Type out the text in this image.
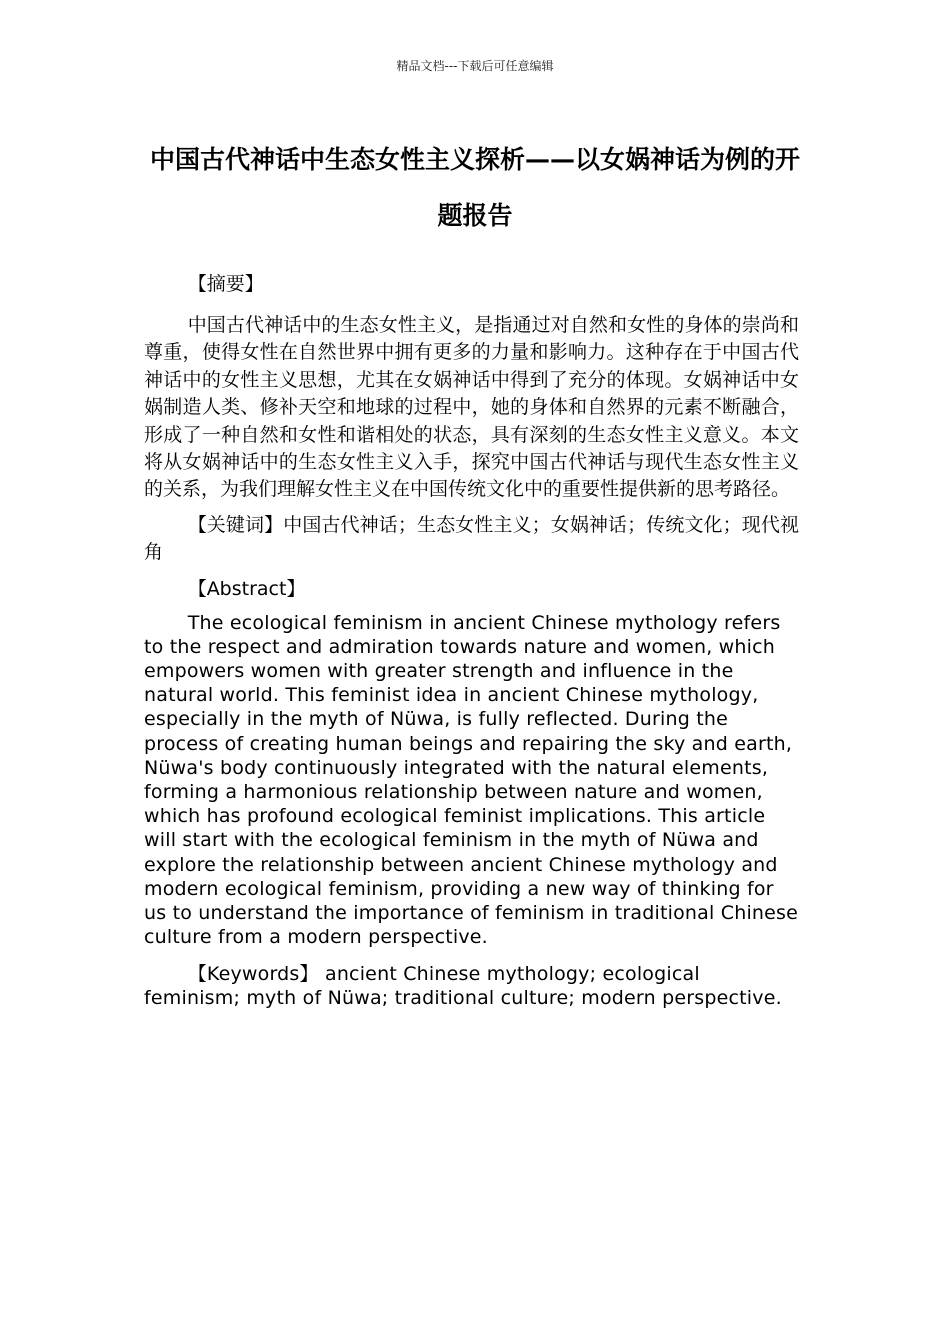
精品文档---下载后可任意编辑
中国古代神话中生态女性主义探析——以女娲神话为例的开题报告

【摘要】

中国古代神话中的生态女性主义，是指通过对自然和女性的身体的崇尚和尊重，使得女性在自然世界中拥有更多的力量和影响力。这种存在于中国古代神话中的女性主义思想，尤其在女娲神话中得到了充分的体现。女娲神话中女娲制造人类、修补天空和地球的过程中，她的身体和自然界的元素不断融合，形成了一种自然和女性和谐相处的状态，具有深刻的生态女性主义意义。本文将从女娲神话中的生态女性主义入手，探究中国古代神话与现代生态女性主义的关系，为我们理解女性主义在中国传统文化中的重要性提供新的思考路径。

【关键词】中国古代神话；生态女性主义；女娲神话；传统文化；现代视角

【Abstract】

The ecological feminism in ancient Chinese mythology refers to the respect and admiration towards nature and women, which empowers women with greater strength and influence in the natural world. This feminist idea in ancient Chinese mythology, especially in the myth of Nüwa, is fully reflected. During the process of creating human beings and repairing the sky and earth, Nüwa's body continuously integrated with the natural elements, forming a harmonious relationship between nature and women, which has profound ecological feminist implications. This article will start with the ecological feminism in the myth of Nüwa and explore the relationship between ancient Chinese mythology and modern ecological feminism, providing a new way of thinking for us to understand the importance of feminism in traditional Chinese culture from a modern perspective.

【Keywords】 ancient Chinese mythology; ecological feminism; myth of Nüwa; traditional culture; modern perspective.
